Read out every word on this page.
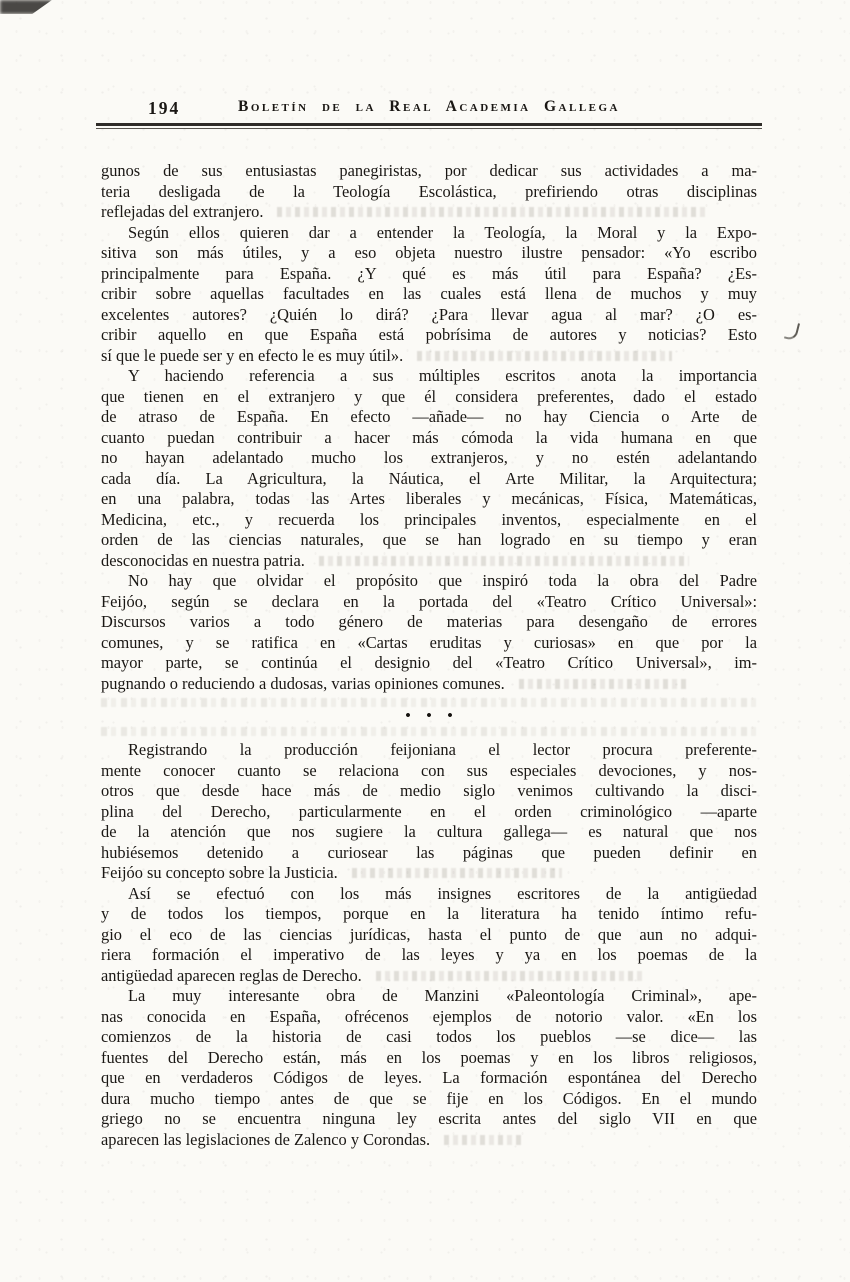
194	Boletín de la Real Academia Gallega
gunos de sus entusiastas panegiristas, por dedicar sus actividades a ma-
teria desligada de la Teología Escolástica, prefiriendo otras disciplinas
reflejadas del extranjero.
Según ellos quieren dar a entender la Teología, la Moral y la Expo-
sitiva son más útiles, y a eso objeta nuestro ilustre pensador: «Yo escribo
principalmente para España. ¿Y qué es más útil para España? ¿Es-
cribir sobre aquellas facultades en las cuales está llena de muchos y muy
excelentes autores? ¿Quién lo dirá? ¿Para llevar agua al mar? ¿O es-
cribir aquello en que España está pobrísima de autores y noticias? Esto
sí que le puede ser y en efecto le es muy útil».
Y haciendo referencia a sus múltiples escritos anota la importancia
que tienen en el extranjero y que él considera preferentes, dado el estado
de atraso de España. En efecto —añade— no hay Ciencia o Arte de
cuanto puedan contribuir a hacer más cómoda la vida humana en que
no hayan adelantado mucho los extranjeros, y no estén adelantando
cada día. La Agricultura, la Náutica, el Arte Militar, la Arquitectura;
en una palabra, todas las Artes liberales y mecánicas, Física, Matemáticas,
Medicina, etc., y recuerda los principales inventos, especialmente en el
orden de las ciencias naturales, que se han logrado en su tiempo y eran
desconocidas en nuestra patria.
No hay que olvidar el propósito que inspiró toda la obra del Padre
Feijóo, según se declara en la portada del «Teatro Crítico Universal»:
Discursos varios a todo género de materias para desengaño de errores
comunes, y se ratifica en «Cartas eruditas y curiosas» en que por la
mayor parte, se continúa el designio del «Teatro Crítico Universal», im-
pugnando o reduciendo a dudosas, varias opiniones comunes.
• • •
Registrando la producción feijoniana el lector procura preferente-
mente conocer cuanto se relaciona con sus especiales devociones, y nos-
otros que desde hace más de medio siglo venimos cultivando la disci-
plina del Derecho, particularmente en el orden criminológico —aparte
de la atención que nos sugiere la cultura gallega— es natural que nos
hubiésemos detenido a curiosear las páginas que pueden definir en
Feijóo su concepto sobre la Justicia.
Así se efectuó con los más insignes escritores de la antigüedad
y de todos los tiempos, porque en la literatura ha tenido íntimo refu-
gio el eco de las ciencias jurídicas, hasta el punto de que aun no adqui-
riera formación el imperativo de las leyes y ya en los poemas de la
antigüedad aparecen reglas de Derecho.
La muy interesante obra de Manzini «Paleontología Criminal», ape-
nas conocida en España, ofrécenos ejemplos de notorio valor. «En los
comienzos de la historia de casi todos los pueblos —se dice— las
fuentes del Derecho están, más en los poemas y en los libros religiosos,
que en verdaderos Códigos de leyes. La formación espontánea del Derecho
dura mucho tiempo antes de que se fije en los Códigos. En el mundo
griego no se encuentra ninguna ley escrita antes del siglo VII en que
aparecen las legislaciones de Zalenco y Corondas.
